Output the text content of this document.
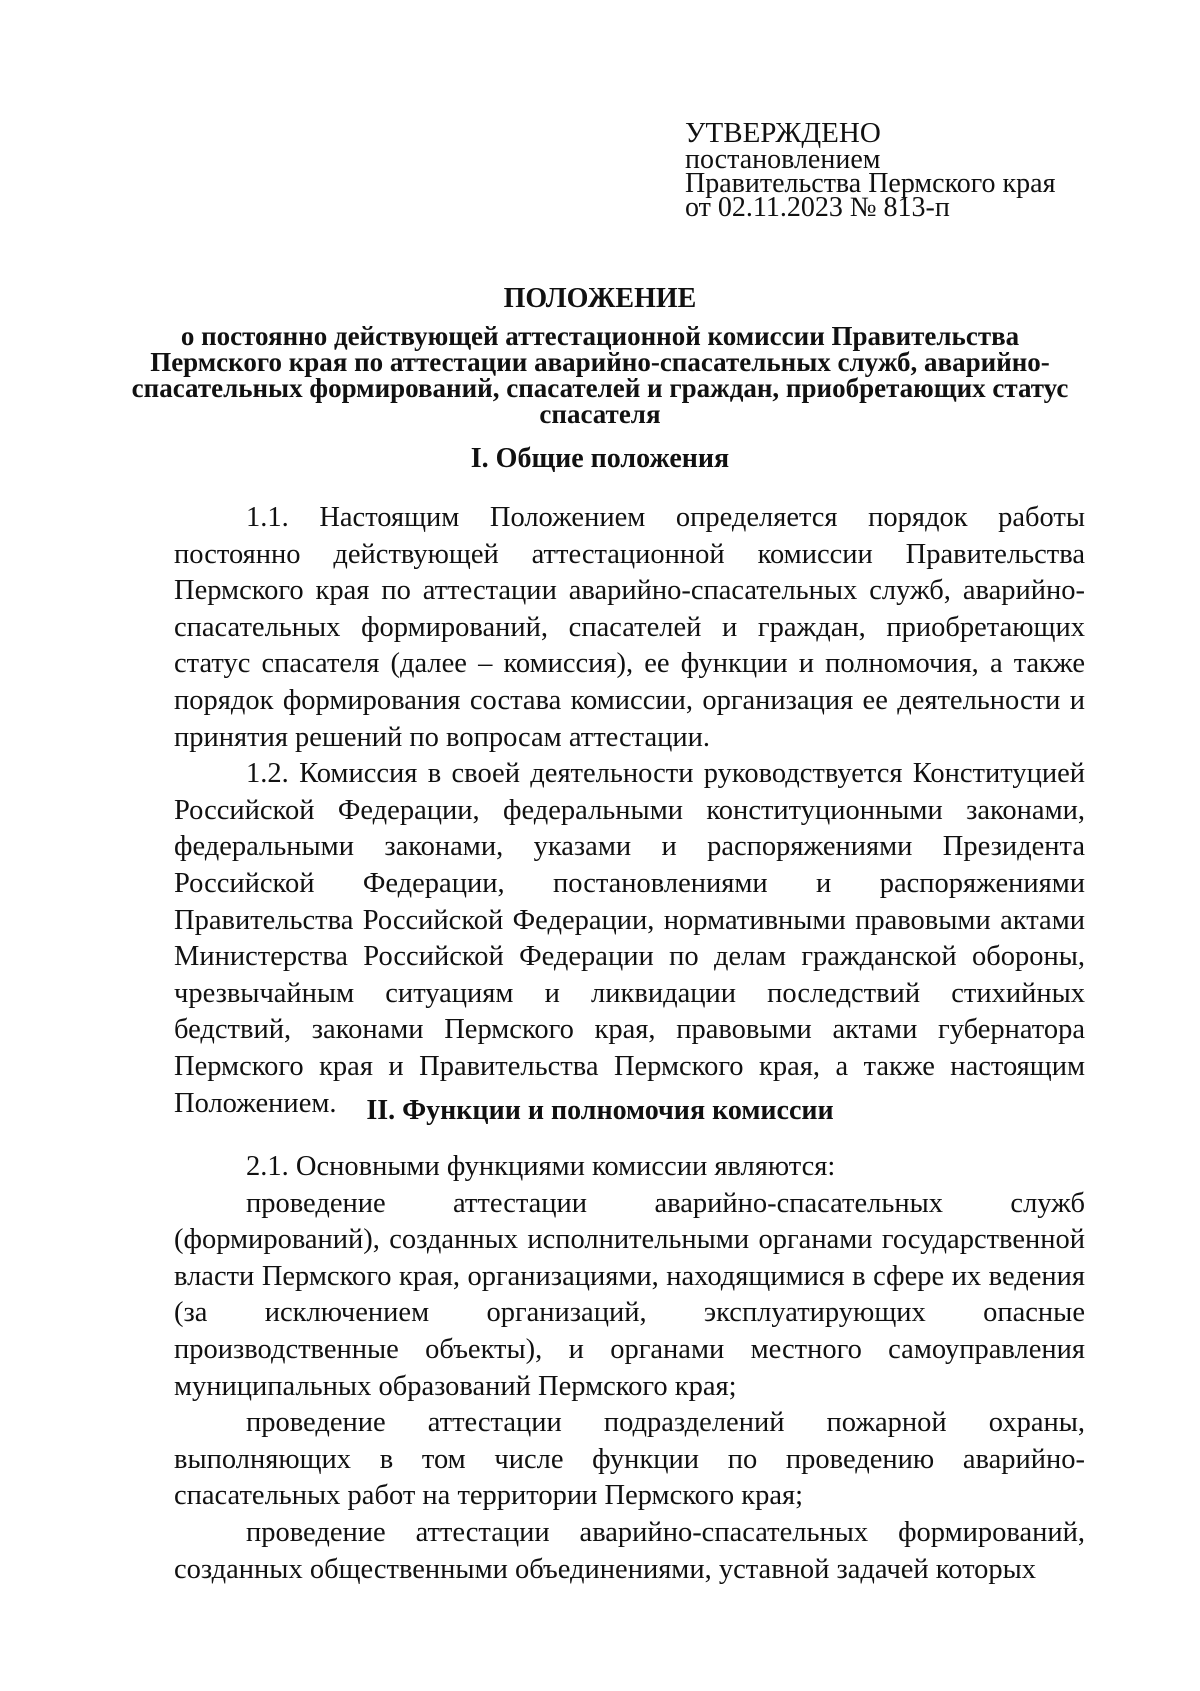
УТВЕРЖДЕНО
постановлением
Правительства Пермского края
от 02.11.2023 № 813-п
ПОЛОЖЕНИЕ
о постоянно действующей аттестационной комиссии Правительства Пермского края по аттестации аварийно-спасательных служб, аварийно-спасательных формирований, спасателей и граждан, приобретающих статус спасателя
I. Общие положения

1.1. Настоящим Положением определяется порядок работы постоянно действующей аттестационной комиссии Правительства Пермского края по аттестации аварийно-спасательных служб, аварийно-спасательных формирований, спасателей и граждан, приобретающих статус спасателя (далее – комиссия), ее функции и полномочия, а также порядок формирования состава комиссии, организация ее деятельности и принятия решений по вопросам аттестации.

1.2. Комиссия в своей деятельности руководствуется Конституцией Российской Федерации, федеральными конституционными законами, федеральными законами, указами и распоряжениями Президента Российской Федерации, постановлениями и распоряжениями Правительства Российской Федерации, нормативными правовыми актами Министерства Российской Федерации по делам гражданской обороны, чрезвычайным ситуациям и ликвидации последствий стихийных бедствий, законами Пермского края, правовыми актами губернатора Пермского края и Правительства Пермского края, а также настоящим Положением.	II. Функции и полномочия комиссии

2.1. Основными функциями комиссии являются:

проведение аттестации аварийно-спасательных служб (формирований), созданных исполнительными органами государственной власти Пермского края, организациями, находящимися в сфере их ведения (за исключением организаций, эксплуатирующих опасные производственные объекты), и органами местного самоуправления муниципальных образований Пермского края;

проведение аттестации подразделений пожарной охраны, выполняющих в том числе функции по проведению аварийно-спасательных работ на территории Пермского края;

проведение аттестации аварийно-спасательных формирований, созданных общественными объединениями, уставной задачей которых
